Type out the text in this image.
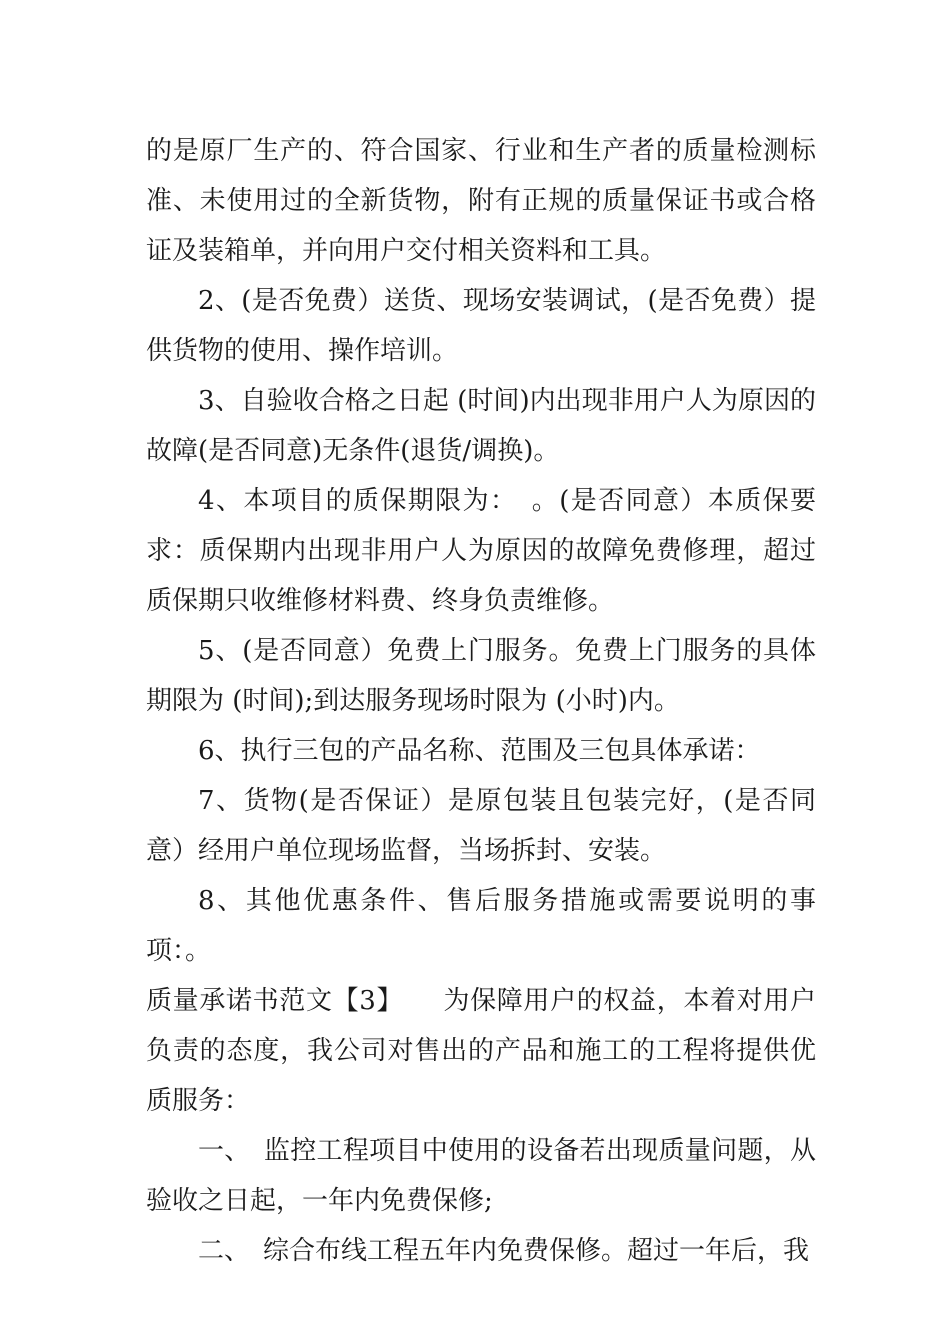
的是原厂生产的、符合国家、行业和生产者的质量检测标准、未使用过的全新货物，附有正规的质量保证书或合格证及装箱单，并向用户交付相关资料和工具。

2、(是否免费）送货、现场安装调试，(是否免费）提供货物的使用、操作培训。

3、自验收合格之日起 (时间)内出现非用户人为原因的故障(是否同意)无条件(退货/调换)。

4、本项目的质保期限为：　。(是否同意）本质保要求：质保期内出现非用户人为原因的故障免费修理，超过质保期只收维修材料费、终身负责维修。

5、(是否同意）免费上门服务。免费上门服务的具体期限为 (时间);到达服务现场时限为 (小时)内。

6、执行三包的产品名称、范围及三包具体承诺：

7、货物(是否保证）是原包装且包装完好，(是否同意）经用户单位现场监督，当场拆封、安装。

8、其他优惠条件、售后服务措施或需要说明的事项：。

质量承诺书范文【3】　　为保障用户的权益，本着对用户负责的态度，我公司对售出的产品和施工的工程将提供优质服务：

一、　监控工程项目中使用的设备若出现质量问题，从验收之日起，一年内免费保修;

二、　综合布线工程五年内免费保修。超过一年后，我
